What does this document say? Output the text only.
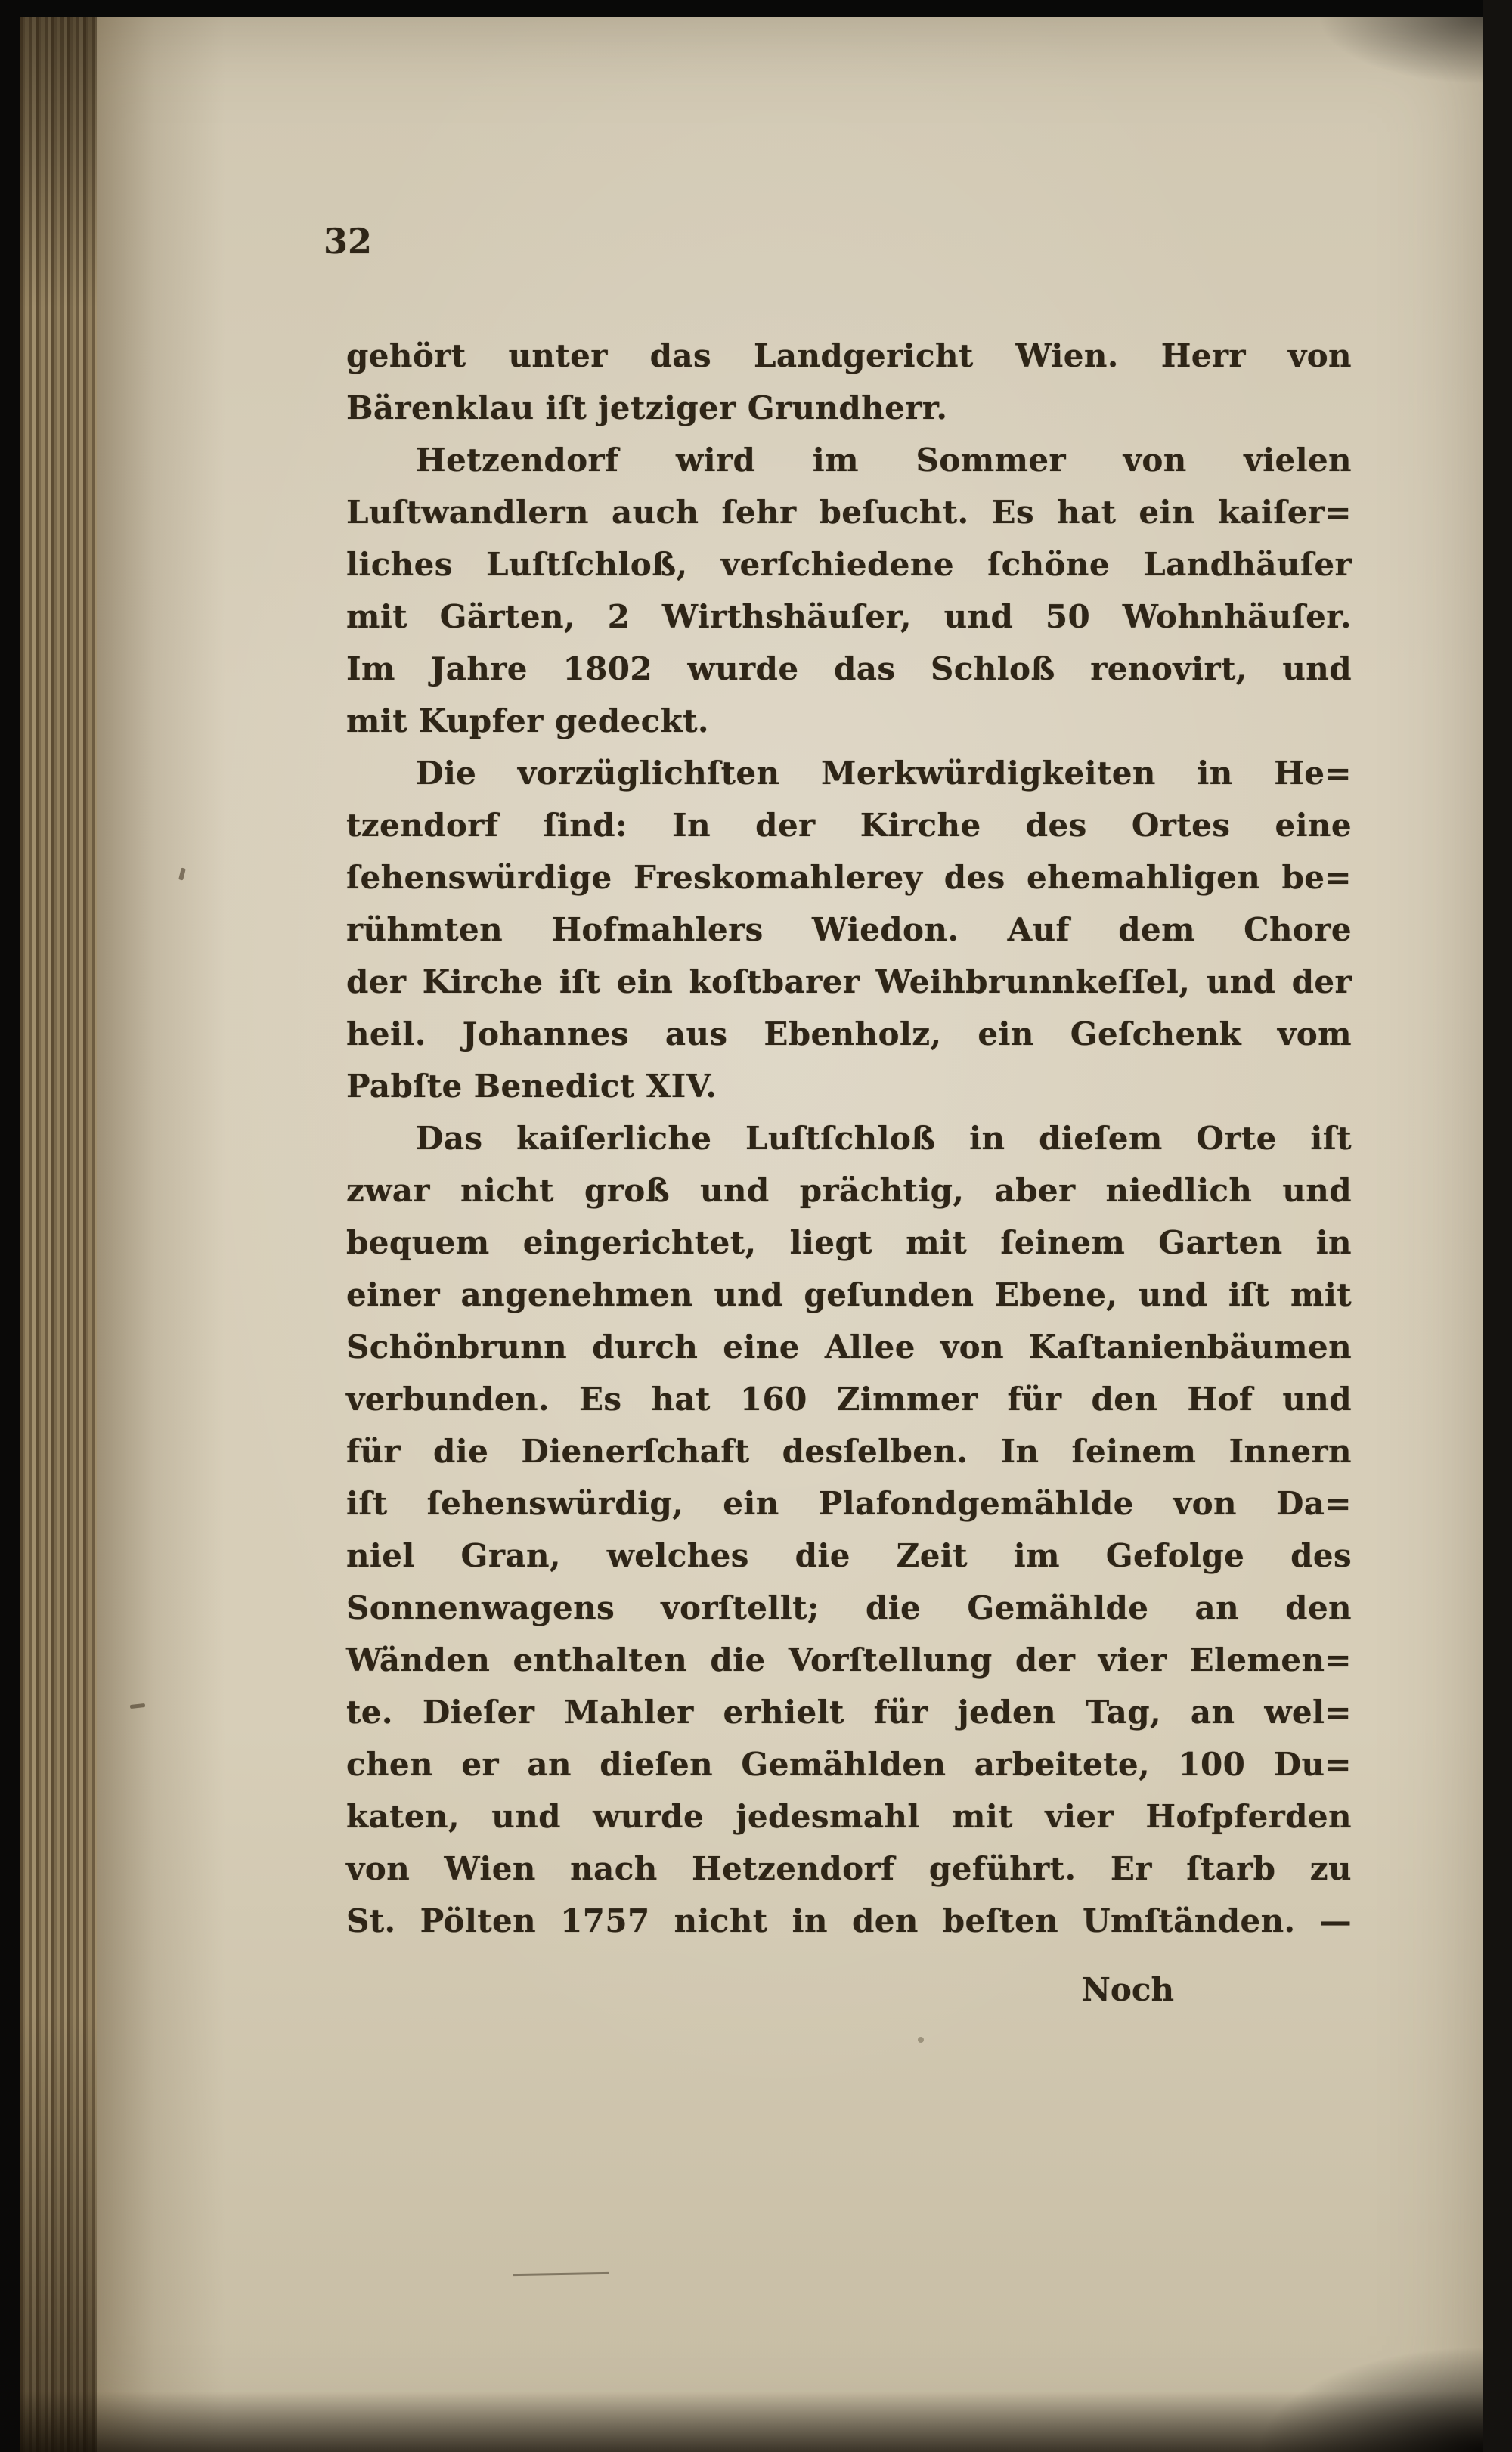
32
gehört unter das Landgericht Wien. Herr von
Bärenklau iſt jetziger Grundherr.
Hetzendorf wird im Sommer von vielen
Luſtwandlern auch ſehr beſucht. Es hat ein kaiſer=
liches Luſtſchloß, verſchiedene ſchöne Landhäuſer
mit Gärten, 2 Wirthshäuſer, und 50 Wohnhäuſer.
Im Jahre 1802 wurde das Schloß renovirt, und
mit Kupfer gedeckt.
Die vorzüglichſten Merkwürdigkeiten in He=
tzendorf ſind: In der Kirche des Ortes eine
ſehenswürdige Freskomahlerey des ehemahligen be=
rühmten Hofmahlers Wiedon. Auf dem Chore
der Kirche iſt ein koſtbarer Weihbrunnkeſſel, und der
heil. Johannes aus Ebenholz, ein Geſchenk vom
Pabſte Benedict XIV.
Das kaiſerliche Luſtſchloß in dieſem Orte iſt
zwar nicht groß und prächtig, aber niedlich und
bequem eingerichtet, liegt mit ſeinem Garten in
einer angenehmen und geſunden Ebene, und iſt mit
Schönbrunn durch eine Allee von Kaſtanienbäumen
verbunden. Es hat 160 Zimmer für den Hof und
für die Dienerſchaft desſelben. In ſeinem Innern
iſt ſehenswürdig, ein Plafondgemählde von Da=
niel Gran, welches die Zeit im Gefolge des
Sonnenwagens vorſtellt; die Gemählde an den
Wänden enthalten die Vorſtellung der vier Elemen=
te. Dieſer Mahler erhielt für jeden Tag, an wel=
chen er an dieſen Gemählden arbeitete, 100 Du=
katen, und wurde jedesmahl mit vier Hofpferden
von Wien nach Hetzendorf geführt. Er ſtarb zu
St. Pölten 1757 nicht in den beſten Umſtänden. —
Noch
